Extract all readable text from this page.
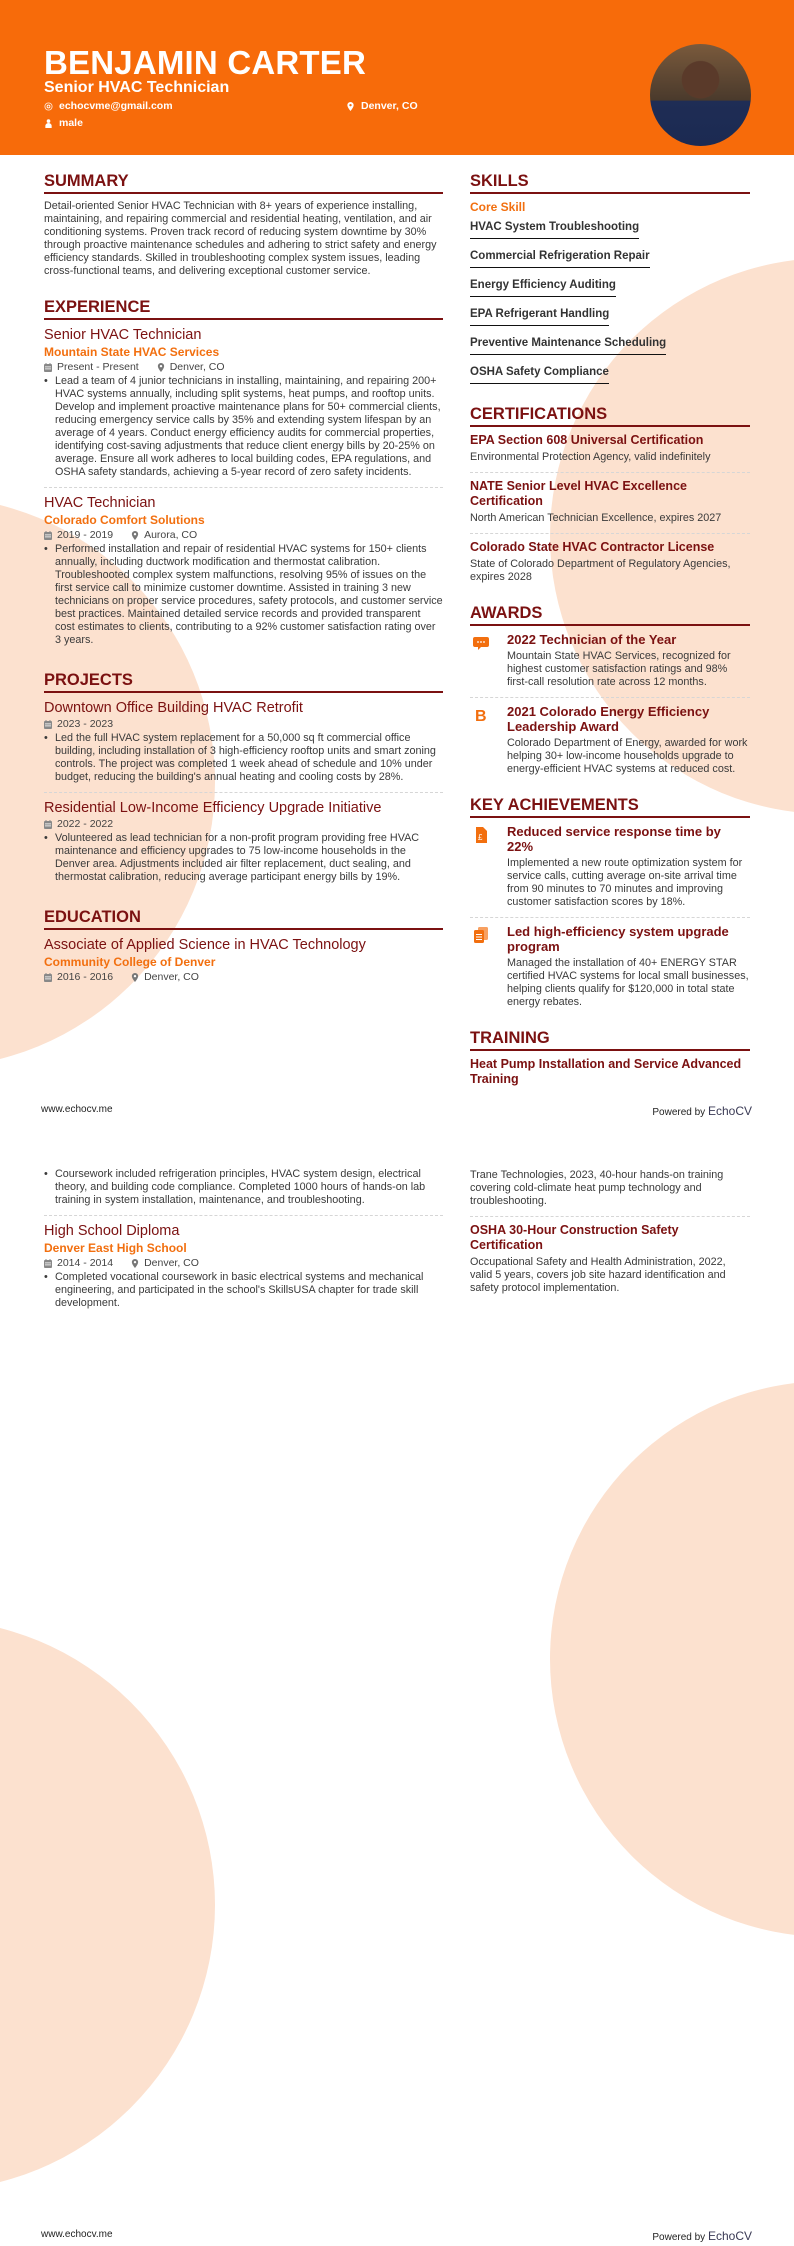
BENJAMIN CARTER
Senior HVAC Technician
echocvme@gmail.com	Denver, CO
male
SUMMARY
Detail-oriented Senior HVAC Technician with 8+ years of experience installing, maintaining, and repairing commercial and residential heating, ventilation, and air conditioning systems. Proven track record of reducing system downtime by 30% through proactive maintenance schedules and adhering to strict safety and energy efficiency standards. Skilled in troubleshooting complex system issues, leading cross-functional teams, and delivering exceptional customer service.
EXPERIENCE
Senior HVAC Technician
Mountain State HVAC Services
Present - Present	Denver, CO
• Lead a team of 4 junior technicians in installing, maintaining, and repairing 200+ HVAC systems annually, including split systems, heat pumps, and rooftop units. Develop and implement proactive maintenance plans for 50+ commercial clients, reducing emergency service calls by 35% and extending system lifespan by an average of 4 years. Conduct energy efficiency audits for commercial properties, identifying cost-saving adjustments that reduce client energy bills by 20-25% on average. Ensure all work adheres to local building codes, EPA regulations, and OSHA safety standards, achieving a 5-year record of zero safety incidents.
HVAC Technician
Colorado Comfort Solutions
2019 - 2019	Aurora, CO
• Performed installation and repair of residential HVAC systems for 150+ clients annually, including ductwork modification and thermostat calibration. Troubleshooted complex system malfunctions, resolving 95% of issues on the first service call to minimize customer downtime. Assisted in training 3 new technicians on proper service procedures, safety protocols, and customer service best practices. Maintained detailed service records and provided transparent cost estimates to clients, contributing to a 92% customer satisfaction rating over 3 years.
PROJECTS
Downtown Office Building HVAC Retrofit
2023 - 2023
• Led the full HVAC system replacement for a 50,000 sq ft commercial office building, including installation of 3 high-efficiency rooftop units and smart zoning controls. The project was completed 1 week ahead of schedule and 10% under budget, reducing the building's annual heating and cooling costs by 28%.
Residential Low-Income Efficiency Upgrade Initiative
2022 - 2022
• Volunteered as lead technician for a non-profit program providing free HVAC maintenance and efficiency upgrades to 75 low-income households in the Denver area. Adjustments included air filter replacement, duct sealing, and thermostat calibration, reducing average participant energy bills by 19%.
EDUCATION
Associate of Applied Science in HVAC Technology
Community College of Denver
2016 - 2016	Denver, CO
SKILLS
Core Skill
HVAC System Troubleshooting
Commercial Refrigeration Repair
Energy Efficiency Auditing
EPA Refrigerant Handling
Preventive Maintenance Scheduling
OSHA Safety Compliance
CERTIFICATIONS
EPA Section 608 Universal Certification
Environmental Protection Agency, valid indefinitely
NATE Senior Level HVAC Excellence Certification
North American Technician Excellence, expires 2027
Colorado State HVAC Contractor License
State of Colorado Department of Regulatory Agencies, expires 2028
AWARDS
2022 Technician of the Year
Mountain State HVAC Services, recognized for highest customer satisfaction ratings and 98% first-call resolution rate across 12 months.
B 2021 Colorado Energy Efficiency Leadership Award
Colorado Department of Energy, awarded for work helping 30+ low-income households upgrade to energy-efficient HVAC systems at reduced cost.
KEY ACHIEVEMENTS
£ Reduced service response time by 22%
Implemented a new route optimization system for service calls, cutting average on-site arrival time from 90 minutes to 70 minutes and improving customer satisfaction scores by 18%.
Led high-efficiency system upgrade program
Managed the installation of 40+ ENERGY STAR certified HVAC systems for local small businesses, helping clients qualify for $120,000 in total state energy rebates.
TRAINING
Heat Pump Installation and Service Advanced Training
www.echocv.me	Powered by EchoCV
• Coursework included refrigeration principles, HVAC system design, electrical theory, and building code compliance. Completed 1000 hours of hands-on lab training in system installation, maintenance, and troubleshooting.
High School Diploma
Denver East High School
2014 - 2014	Denver, CO
• Completed vocational coursework in basic electrical systems and mechanical engineering, and participated in the school's SkillsUSA chapter for trade skill development.
Trane Technologies, 2023, 40-hour hands-on training covering cold-climate heat pump technology and troubleshooting.
OSHA 30-Hour Construction Safety Certification
Occupational Safety and Health Administration, 2022, valid 5 years, covers job site hazard identification and safety protocol implementation.
www.echocv.me	Powered by EchoCV
